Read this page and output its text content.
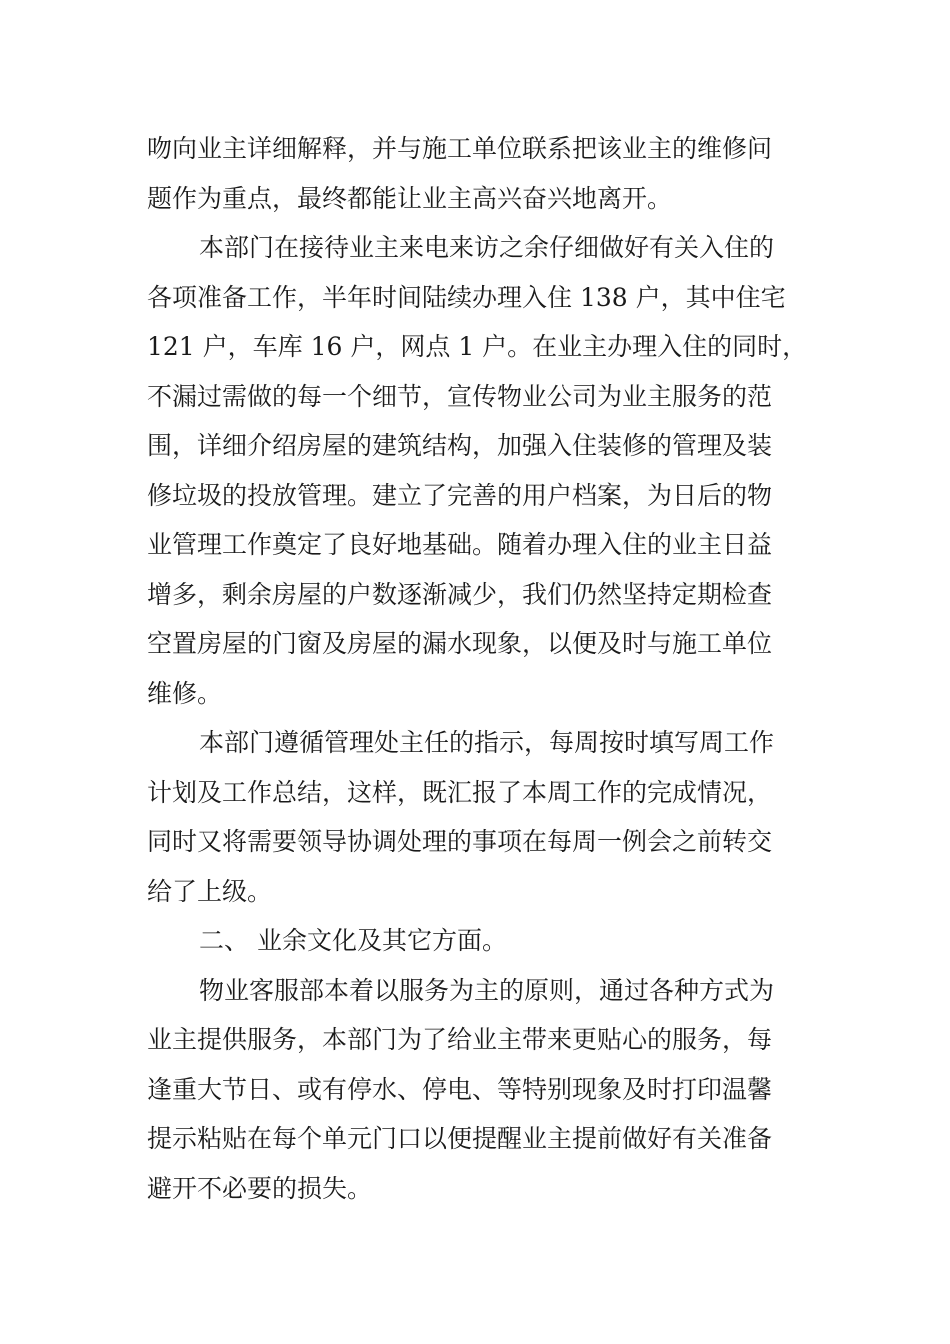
吻向业主详细解释，并与施工单位联系把该业主的维修问
题作为重点，最终都能让业主高兴奋兴地离开。
本部门在接待业主来电来访之余仔细做好有关入住的
各项准备工作，半年时间陆续办理入住 138 户，其中住宅
121 户，车库 16 户，网点 1 户。在业主办理入住的同时，
不漏过需做的每一个细节，宣传物业公司为业主服务的范
围，详细介绍房屋的建筑结构，加强入住装修的管理及装
修垃圾的投放管理。建立了完善的用户档案，为日后的物
业管理工作奠定了良好地基础。随着办理入住的业主日益
增多，剩余房屋的户数逐渐减少，我们仍然坚持定期检查
空置房屋的门窗及房屋的漏水现象，以便及时与施工单位
维修。
本部门遵循管理处主任的指示，每周按时填写周工作
计划及工作总结，这样，既汇报了本周工作的完成情况，
同时又将需要领导协调处理的事项在每周一例会之前转交
给了上级。
二、 业余文化及其它方面。
物业客服部本着以服务为主的原则，通过各种方式为
业主提供服务，本部门为了给业主带来更贴心的服务，每
逢重大节日、或有停水、停电、等特别现象及时打印温馨
提示粘贴在每个单元门口以便提醒业主提前做好有关准备
避开不必要的损失。
